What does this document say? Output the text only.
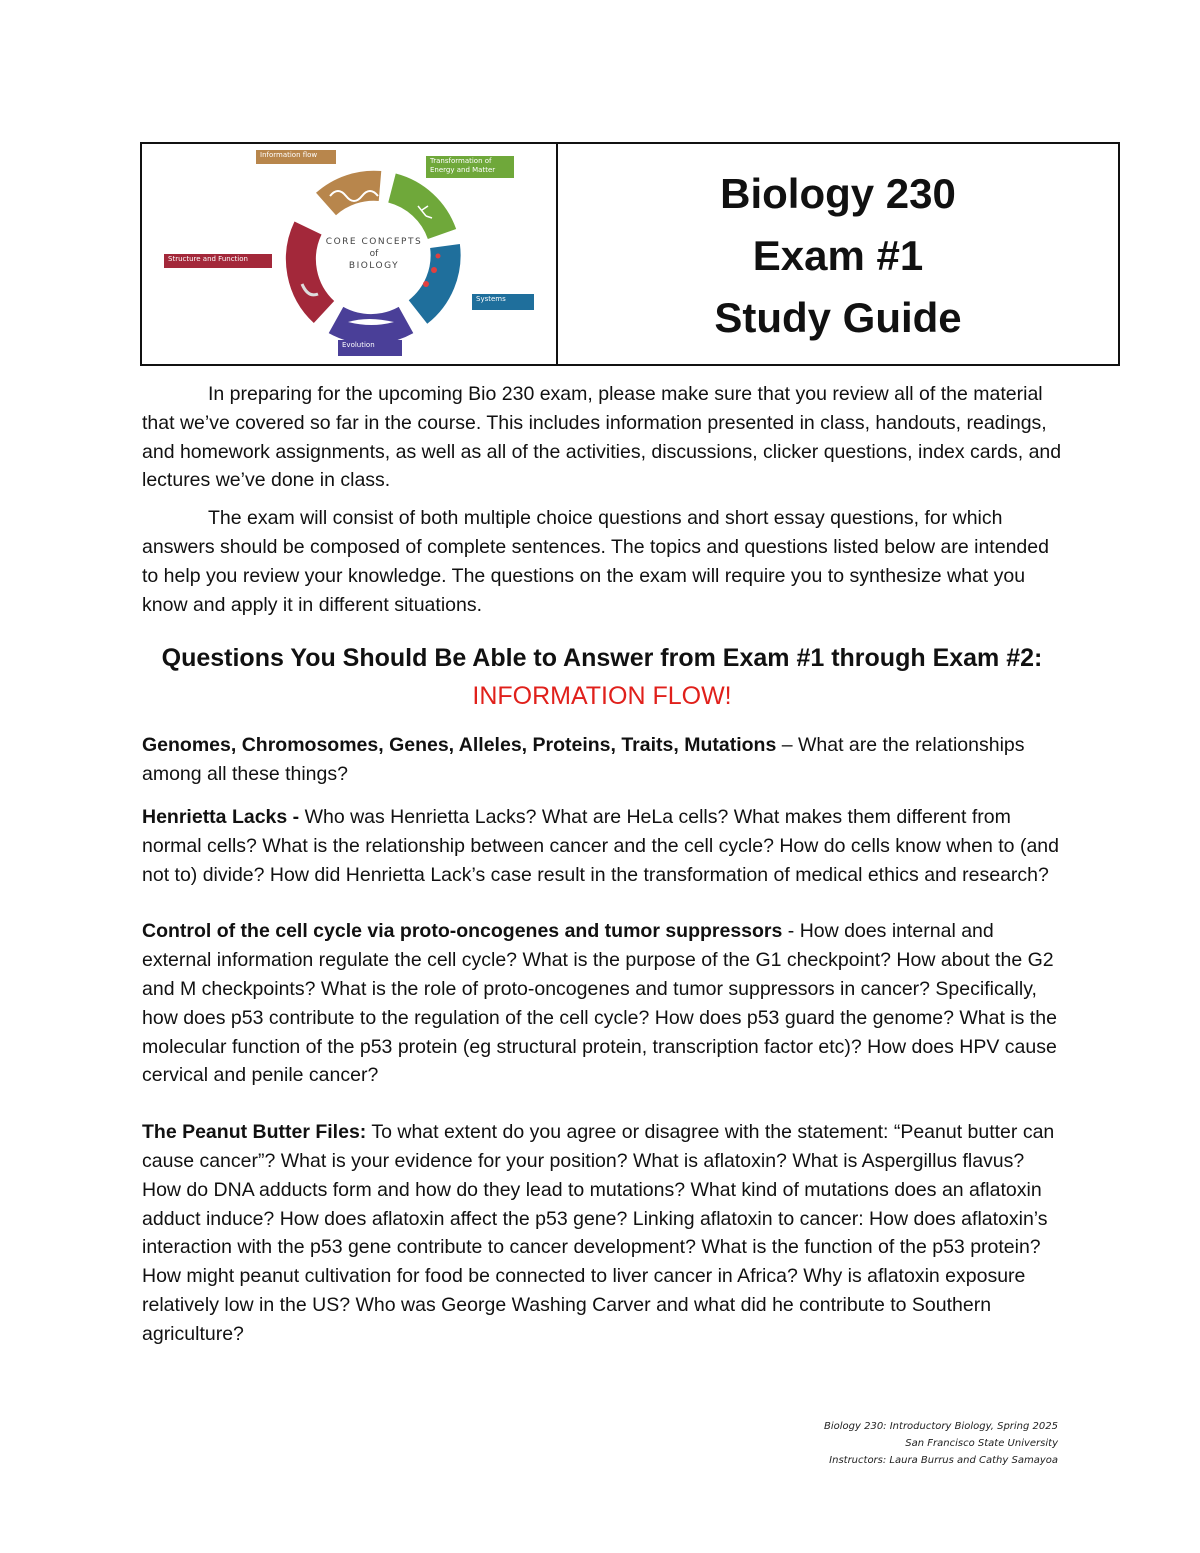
CORE CONCEPTS
of
BIOLOGY
Information flow
Transformation of Energy and Matter
Structure and Function
Systems
Evolution
Biology 230
Exam #1
Study Guide

In preparing for the upcoming Bio 230 exam, please make sure that you review all of the material that we’ve covered so far in the course. This includes information presented in class, handouts, readings, and homework assignments, as well as all of the activities, discussions, clicker questions, index cards, and lectures we’ve done in class.

The exam will consist of both multiple choice questions and short essay questions, for which answers should be composed of complete sentences. The topics and questions listed below are intended to help you review your knowledge. The questions on the exam will require you to synthesize what you know and apply it in different situations.

Questions You Should Be Able to Answer from Exam #1 through Exam #2: INFORMATION FLOW!

Genomes, Chromosomes, Genes, Alleles, Proteins, Traits, Mutations – What are the relationships among all these things?

Henrietta Lacks - Who was Henrietta Lacks? What are HeLa cells? What makes them different from normal cells? What is the relationship between cancer and the cell cycle? How do cells know when to (and not to) divide? How did Henrietta Lack’s case result in the transformation of medical ethics and research?

Control of the cell cycle via proto-oncogenes and tumor suppressors - How does internal and external information regulate the cell cycle? What is the purpose of the G1 checkpoint? How about the G2 and M checkpoints? What is the role of proto-oncogenes and tumor suppressors in cancer? Specifically, how does p53 contribute to the regulation of the cell cycle? How does p53 guard the genome? What is the molecular function of the p53 protein (eg structural protein, transcription factor etc)? How does HPV cause cervical and penile cancer?

The Peanut Butter Files: To what extent do you agree or disagree with the statement: “Peanut butter can cause cancer”? What is your evidence for your position? What is aflatoxin? What is Aspergillus flavus? How do DNA adducts form and how do they lead to mutations? What kind of mutations does an aflatoxin adduct induce? How does aflatoxin affect the p53 gene? Linking aflatoxin to cancer: How does aflatoxin’s interaction with the p53 gene contribute to cancer development? What is the function of the p53 protein? How might peanut cultivation for food be connected to liver cancer in Africa? Why is aflatoxin exposure relatively low in the US? Who was George Washing Carver and what did he contribute to Southern agriculture?

Biology 230: Introductory Biology, Spring 2025
San Francisco State University
Instructors: Laura Burrus and Cathy Samayoa
